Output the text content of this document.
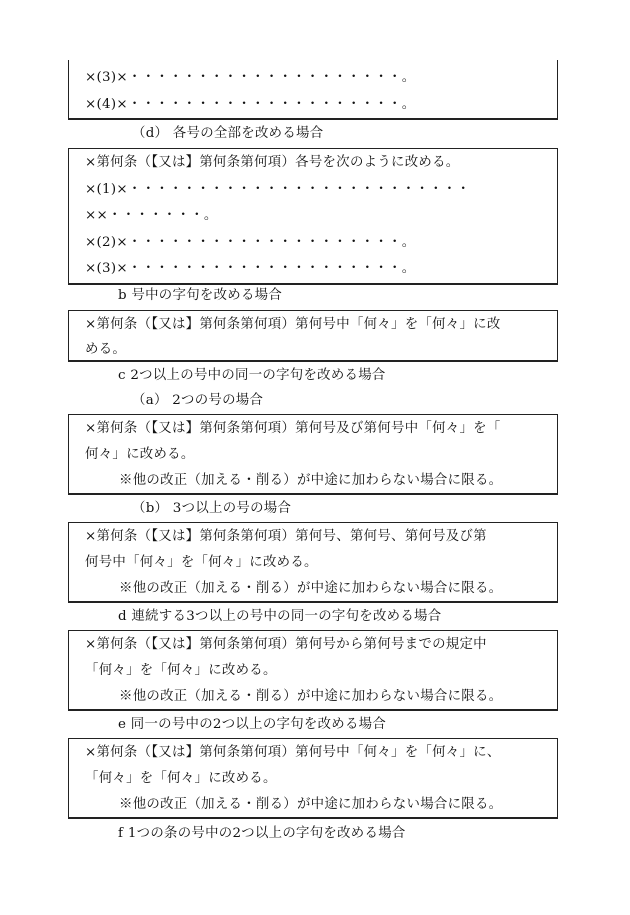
×(3)×・・・・・・・・・・・・・・・・・・・・。
×(4)×・・・・・・・・・・・・・・・・・・・・。
（d） 各号の全部を改める場合
×第何条（【又は】第何条第何項）各号を次のように改める。
×(1)×・・・・・・・・・・・・・・・・・・・・・・・・・
××・・・・・・・。
×(2)×・・・・・・・・・・・・・・・・・・・・。
×(3)×・・・・・・・・・・・・・・・・・・・・。
b 号中の字句を改める場合
×第何条（【又は】第何条第何項）第何号中「何々」を「何々」に改
める。
c 2つ以上の号中の同一の字句を改める場合
（a） 2つの号の場合
×第何条（【又は】第何条第何項）第何号及び第何号中「何々」を「
何々」に改める。
※他の改正（加える・削る）が中途に加わらない場合に限る。
（b） 3つ以上の号の場合
×第何条（【又は】第何条第何項）第何号、第何号、第何号及び第
何号中「何々」を「何々」に改める。
※他の改正（加える・削る）が中途に加わらない場合に限る。
d 連続する3つ以上の号中の同一の字句を改める場合
×第何条（【又は】第何条第何項）第何号から第何号までの規定中
「何々」を「何々」に改める。
※他の改正（加える・削る）が中途に加わらない場合に限る。
e 同一の号中の2つ以上の字句を改める場合
×第何条（【又は】第何条第何項）第何号中「何々」を「何々」に、
「何々」を「何々」に改める。
※他の改正（加える・削る）が中途に加わらない場合に限る。
f 1つの条の号中の2つ以上の字句を改める場合
